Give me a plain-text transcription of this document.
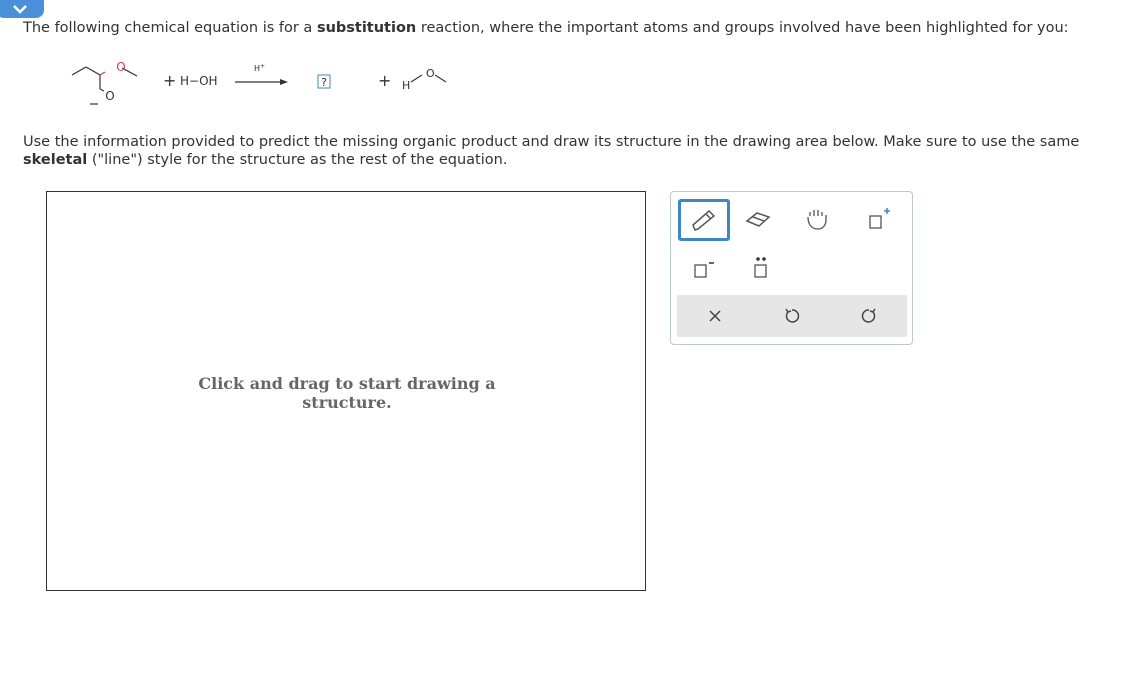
The following chemical equation is for a substitution reaction, where the important atoms and groups involved have been highlighted for you:
O
O
+ H−OH
H+
?	+ H
O
Use the information provided to predict the missing organic product and draw its structure in the drawing area below. Make sure to use the same skeletal ("line") style for the structure as the rest of the equation.
Click and drag to start drawing a structure.
